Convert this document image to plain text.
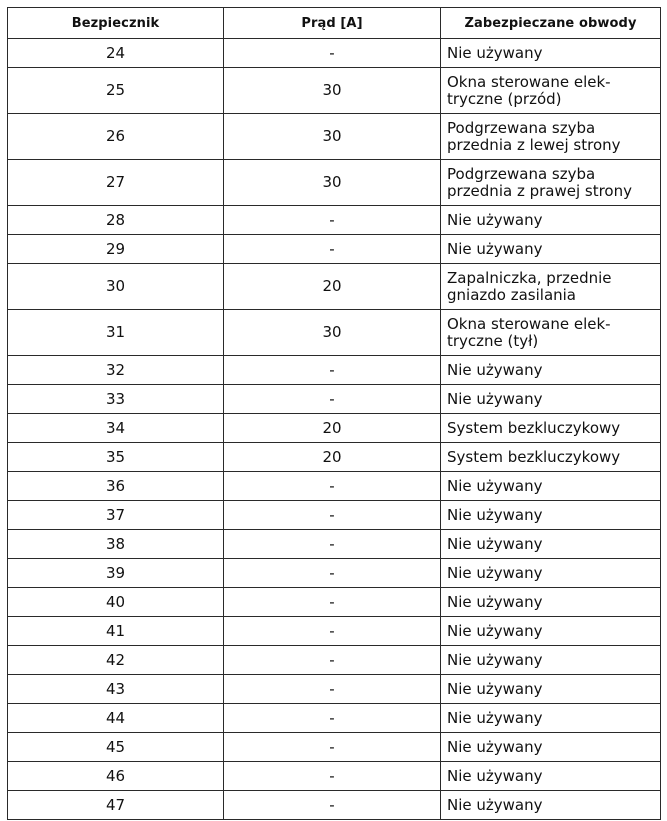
Bezpiecznik	Prąd [A]	Zabezpieczane obwody
24	-	Nie używany
25	30	Okna sterowane elek-
tryczne (przód)
26	30	Podgrzewana szyba
przednia z lewej strony
27	30	Podgrzewana szyba
przednia z prawej strony
28	-	Nie używany
29	-	Nie używany
30	20	Zapalniczka, przednie
gniazdo zasilania
31	30	Okna sterowane elek-
tryczne (tył)
32	-	Nie używany
33	-	Nie używany
34	20	System bezkluczykowy
35	20	System bezkluczykowy
36	-	Nie używany
37	-	Nie używany
38	-	Nie używany
39	-	Nie używany
40	-	Nie używany
41	-	Nie używany
42	-	Nie używany
43	-	Nie używany
44	-	Nie używany
45	-	Nie używany
46	-	Nie używany
47	-	Nie używany
